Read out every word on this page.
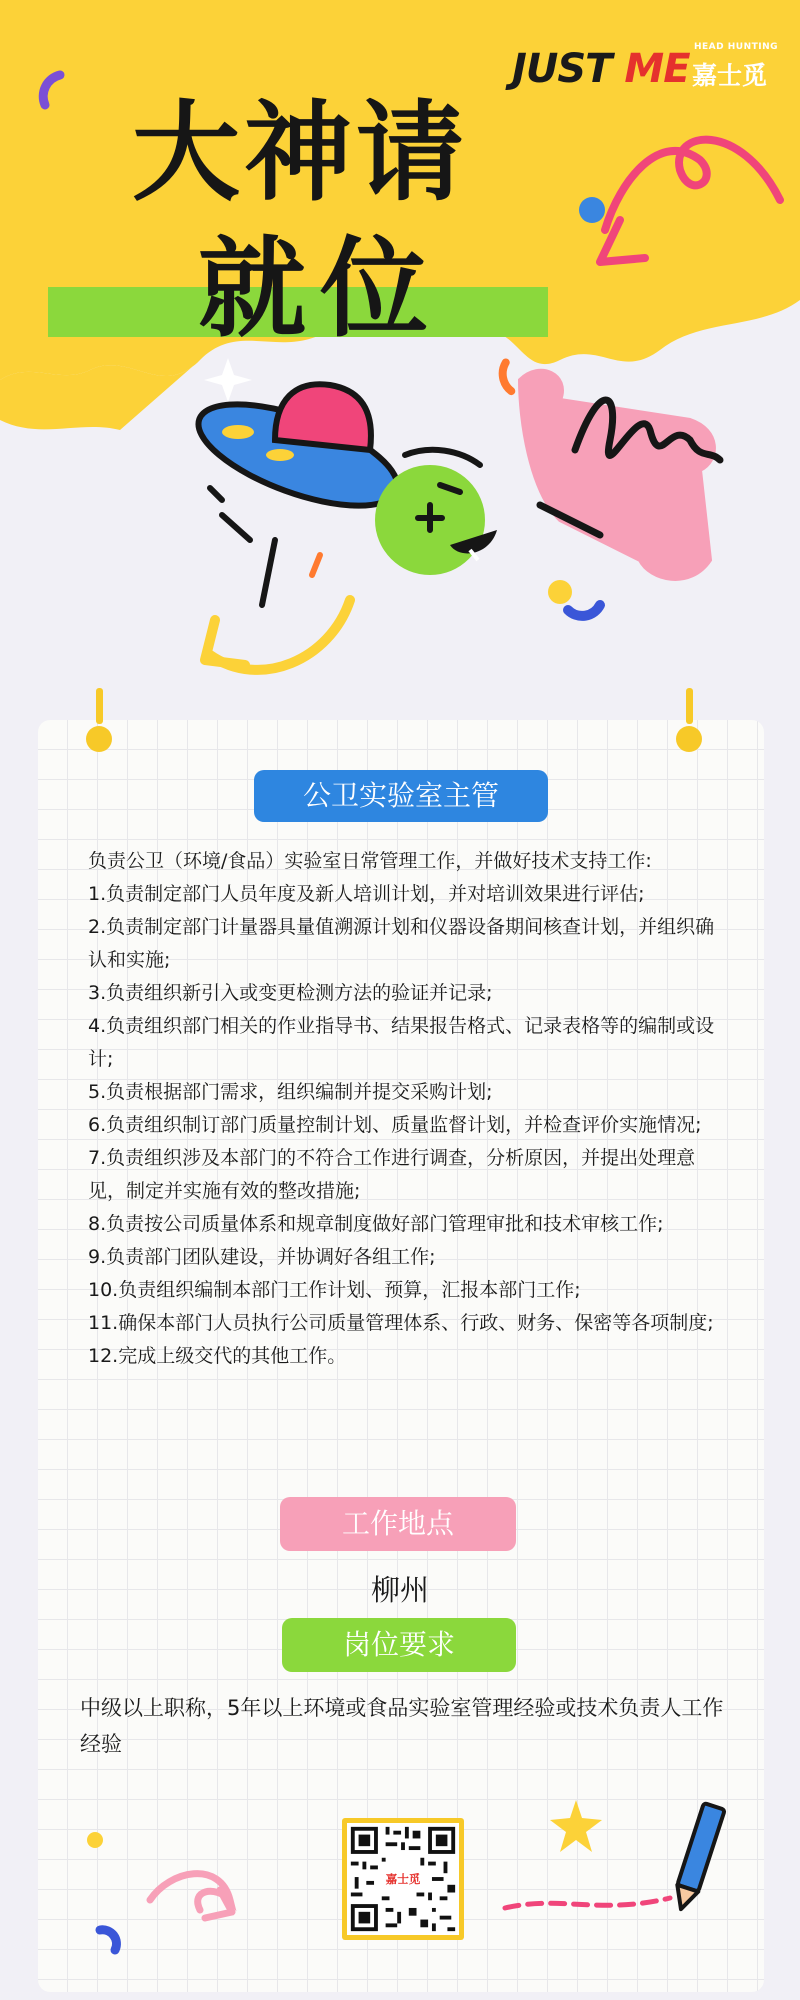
JUST ME HEAD HUNTING
嘉士觅
大神请
就位
公卫实验室主管
负责公卫（环境/食品）实验室日常管理工作，并做好技术支持工作:
1.负责制定部门人员年度及新人培训计划，并对培训效果进行评估;
2.负责制定部门计量器具量值溯源计划和仪器设备期间核查计划，并组织确认和实施;
3.负责组织新引入或变更检测方法的验证并记录;
4.负责组织部门相关的作业指导书、结果报告格式、记录表格等的编制或设计;
5.负责根据部门需求，组织编制并提交采购计划;
6.负责组织制订部门质量控制计划、质量监督计划，并检查评价实施情况;
7.负责组织涉及本部门的不符合工作进行调查，分析原因，并提出处理意见，制定并实施有效的整改措施;
8.负责按公司质量体系和规章制度做好部门管理审批和技术审核工作;
9.负责部门团队建设，并协调好各组工作;
10.负责组织编制本部门工作计划、预算，汇报本部门工作;
11.确保本部门人员执行公司质量管理体系、行政、财务、保密等各项制度;
12.完成上级交代的其他工作。
工作地点
柳州
岗位要求
中级以上职称，5年以上环境或食品实验室管理经验或技术负责人工作经验
嘉士觅
